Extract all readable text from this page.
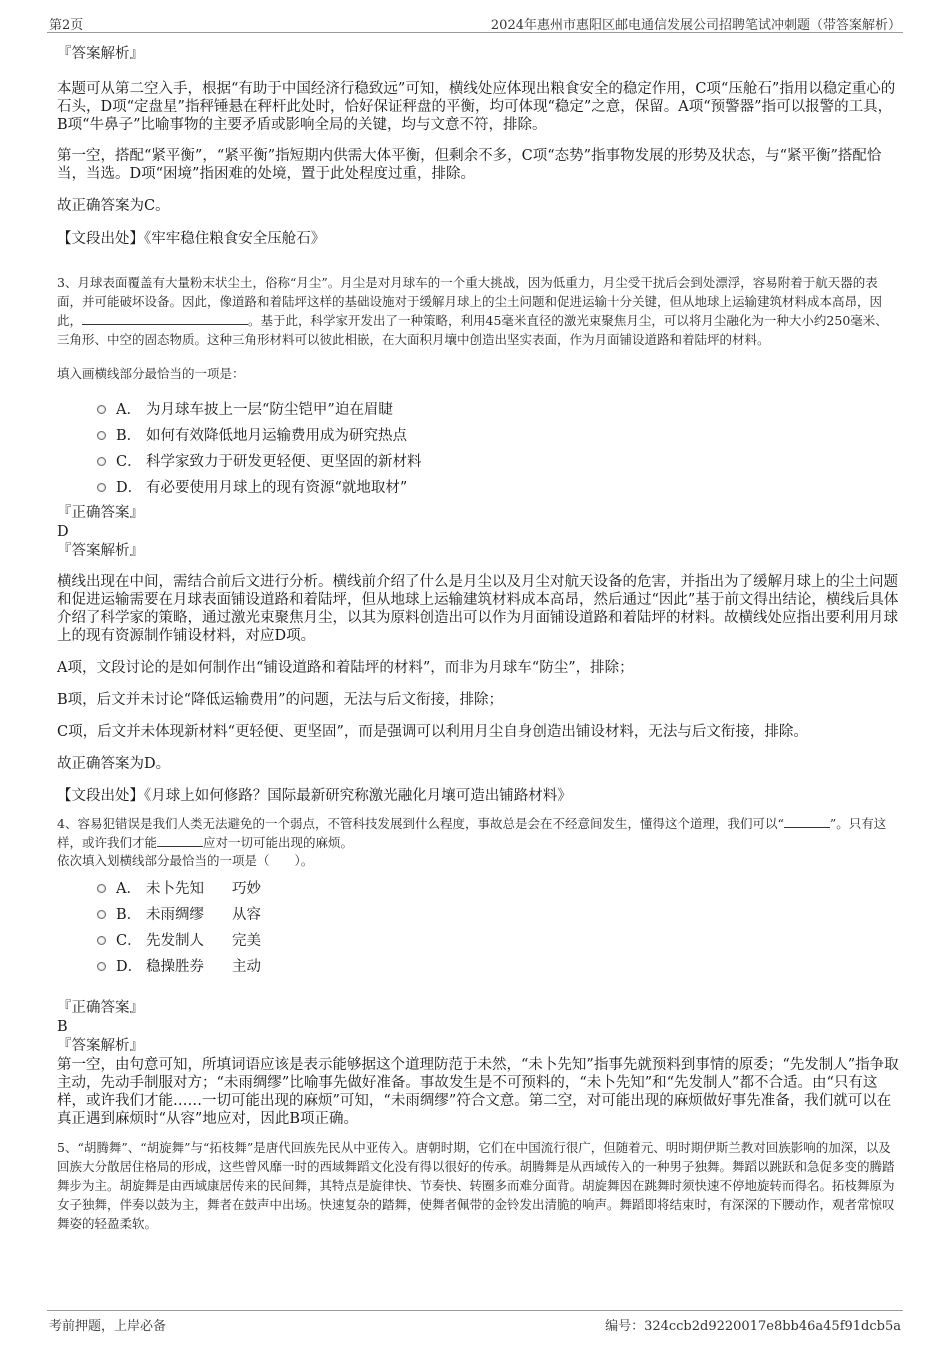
第2页	2024年惠州市惠阳区邮电通信发展公司招聘笔试冲刺题（带答案解析）
『答案解析』

本题可从第二空入手，根据“有助于中国经济行稳致远”可知，横线处应体现出粮食安全的稳定作用，C项“压舱石”指用以稳定重心的石头，D项“定盘星”指秤锤悬在秤杆此处时，恰好保证秤盘的平衡，均可体现“稳定”之意，保留。A项“预警器”指可以报警的工具，B项“牛鼻子”比喻事物的主要矛盾或影响全局的关键，均与文意不符，排除。

第一空，搭配“紧平衡”，“紧平衡”指短期内供需大体平衡，但剩余不多，C项“态势”指事物发展的形势及状态，与“紧平衡”搭配恰当，当选。D项“困境”指困难的处境，置于此处程度过重，排除。

故正确答案为C。

【文段出处】《牢牢稳住粮食安全压舱石》

3、月球表面覆盖有大量粉末状尘土，俗称“月尘”。月尘是对月球车的一个重大挑战，因为低重力，月尘受干扰后会到处漂浮，容易附着于航天器的表面，并可能破坏设备。因此，像道路和着陆坪这样的基础设施对于缓解月球上的尘土问题和促进运输十分关键，但从地球上运输建筑材料成本高昂，因此，	。基于此，科学家开发出了一种策略，利用45毫米直径的激光束聚焦月尘，可以将月尘融化为一种大小约250毫米、三角形、中空的固态物质。这种三角形材料可以彼此相嵌，在大面积月壤中创造出坚实表面，作为月面铺设道路和着陆坪的材料。

填入画横线部分最恰当的一项是：
A． 为月球车披上一层“防尘铠甲”迫在眉睫
B． 如何有效降低地月运输费用成为研究热点
C． 科学家致力于研发更轻便、更坚固的新材料
D． 有必要使用月球上的现有资源“就地取材”
『正确答案』
D
『答案解析』

横线出现在中间，需结合前后文进行分析。横线前介绍了什么是月尘以及月尘对航天设备的危害，并指出为了缓解月球上的尘土问题和促进运输需要在月球表面铺设道路和着陆坪，但从地球上运输建筑材料成本高昂，然后通过“因此”基于前文得出结论，横线后具体介绍了科学家的策略，通过激光束聚焦月尘，以其为原料创造出可以作为月面铺设道路和着陆坪的材料。故横线处应指出要利用月球上的现有资源制作铺设材料，对应D项。

A项，文段讨论的是如何制作出“铺设道路和着陆坪的材料”，而非为月球车“防尘”，排除；

B项，后文并未讨论“降低运输费用”的问题，无法与后文衔接，排除；

C项，后文并未体现新材料“更轻便、更坚固”，而是强调可以利用月尘自身创造出铺设材料，无法与后文衔接，排除。

故正确答案为D。

【文段出处】《月球上如何修路？国际最新研究称激光融化月壤可造出铺路材料》

4、容易犯错误是我们人类无法避免的一个弱点，不管科技发展到什么程度，事故总是会在不经意间发生，懂得这个道理，我们可以“	”。只有这样，或许我们才能	应对一切可能出现的麻烦。

依次填入划横线部分最恰当的一项是（　　）。
A． 未卜先知 巧妙
B． 未雨绸缪 从容
C． 先发制人 完美
D． 稳操胜券 主动
『正确答案』
B
『答案解析』

第一空，由句意可知，所填词语应该是表示能够据这个道理防范于未然，“未卜先知”指事先就预料到事情的原委；“先发制人”指争取主动，先动手制服对方；“未雨绸缪”比喻事先做好准备。事故发生是不可预料的，“未卜先知”和“先发制人”都不合适。由“只有这样，或许我们才能……一切可能出现的麻烦”可知，“未雨绸缪”符合文意。第二空，对可能出现的麻烦做好事先准备，我们就可以在真正遇到麻烦时“从容”地应对，因此B项正确。

5、“胡腾舞”、“胡旋舞”与“拓枝舞”是唐代回族先民从中亚传入。唐朝时期，它们在中国流行很广，但随着元、明时期伊斯兰教对回族影响的加深，以及回族大分散居住格局的形成，这些曾风靡一时的西域舞蹈文化没有得以很好的传承。胡腾舞是从西域传入的一种男子独舞。舞蹈以跳跃和急促多变的腾踏舞步为主。胡旋舞是由西域康居传来的民间舞，其特点是旋律快、节奏快、转圈多而难分面背。胡旋舞因在跳舞时须快速不停地旋转而得名。拓枝舞原为女子独舞，伴奏以鼓为主，舞者在鼓声中出场。快速复杂的踏舞，使舞者佩带的金铃发出清脆的响声。舞蹈即将结束时，有深深的下腰动作，观者常惊叹舞姿的轻盈柔软。

考前押题，上岸必备	编号：324ccb2d9220017e8bb46a45f91dcb5a
